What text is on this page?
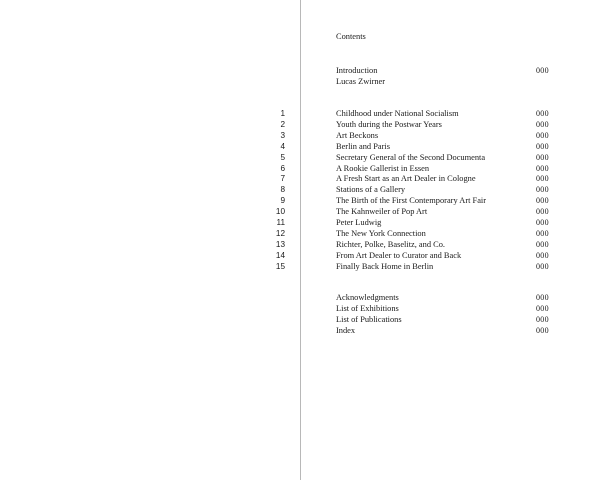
Contents
Introduction	000
Lucas Zwirner
1	Childhood under National Socialism	000
2	Youth during the Postwar Years	000
3	Art Beckons	000
4	Berlin and Paris	000
5	Secretary General of the Second Documenta	000
6	A Rookie Gallerist in Essen	000
7	A Fresh Start as an Art Dealer in Cologne	000
8	Stations of a Gallery	000
9	The Birth of the First Contemporary Art Fair	000
10	The Kahnweiler of Pop Art	000
11	Peter Ludwig	000
12	The New York Connection	000
13	Richter, Polke, Baselitz, and Co.	000
14	From Art Dealer to Curator and Back	000
15	Finally Back Home in Berlin	000
Acknowledgments	000
List of Exhibitions	000
List of Publications	000
Index	000
